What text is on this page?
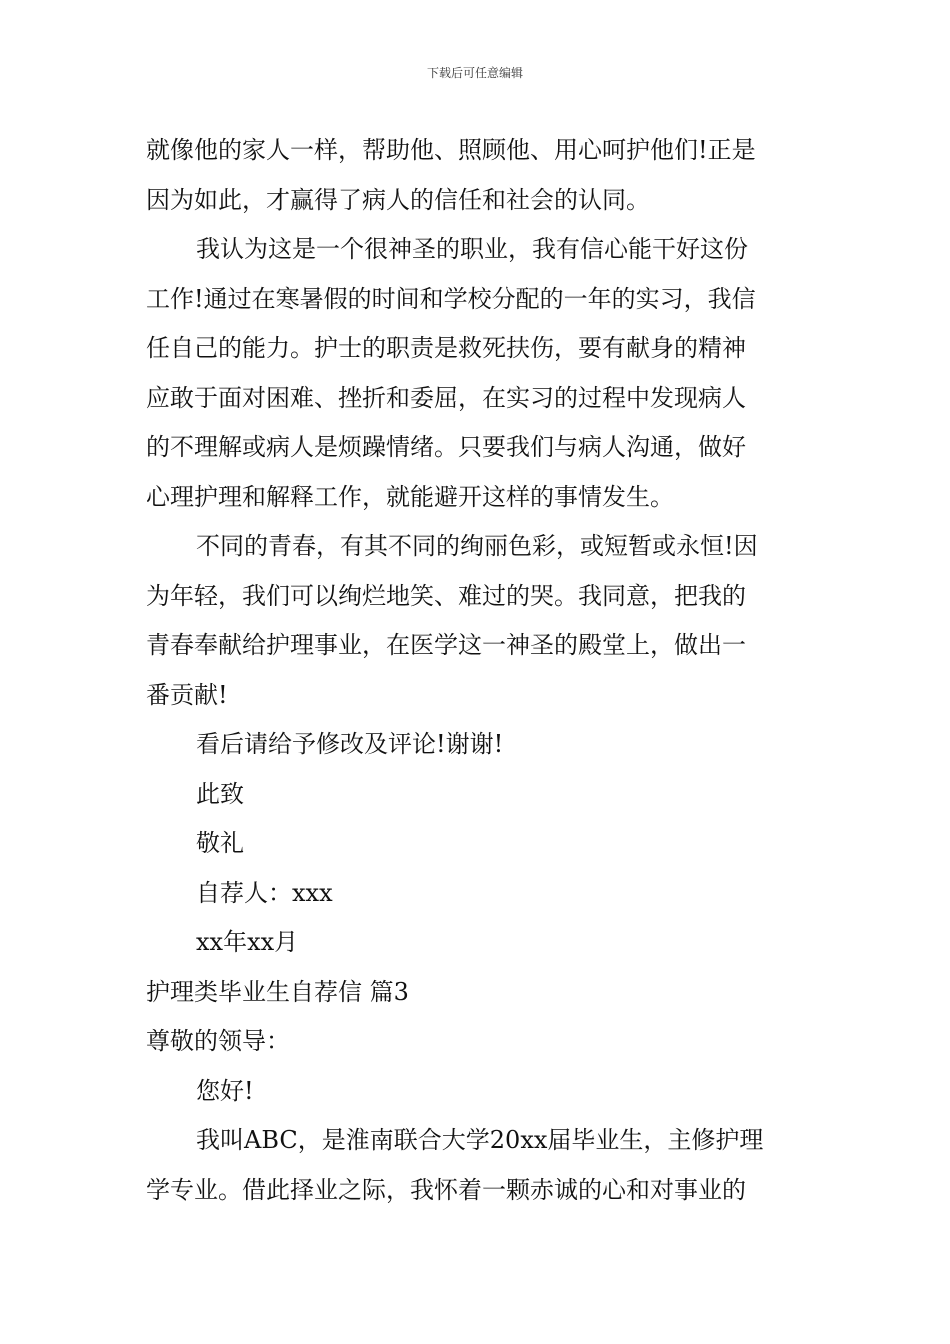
下载后可任意编辑
就像他的家人一样，帮助他、照顾他、用心呵护他们!正是
因为如此，才赢得了病人的信任和社会的认同。
我认为这是一个很神圣的职业，我有信心能干好这份
工作!通过在寒暑假的时间和学校分配的一年的实习，我信
任自己的能力。护士的职责是救死扶伤，要有献身的精神
应敢于面对困难、挫折和委屈，在实习的过程中发现病人
的不理解或病人是烦躁情绪。只要我们与病人沟通，做好
心理护理和解释工作，就能避开这样的事情发生。
不同的青春，有其不同的绚丽色彩，或短暂或永恒!因
为年轻，我们可以绚烂地笑、难过的哭。我同意，把我的
青春奉献给护理事业，在医学这一神圣的殿堂上，做出一
番贡献!
看后请给予修改及评论!谢谢!
此致
敬礼
自荐人：xxx
xx年xx月
护理类毕业生自荐信 篇3
尊敬的领导：
您好!
我叫ABC，是淮南联合大学20xx届毕业生，主修护理
学专业。借此择业之际，我怀着一颗赤诚的心和对事业的
